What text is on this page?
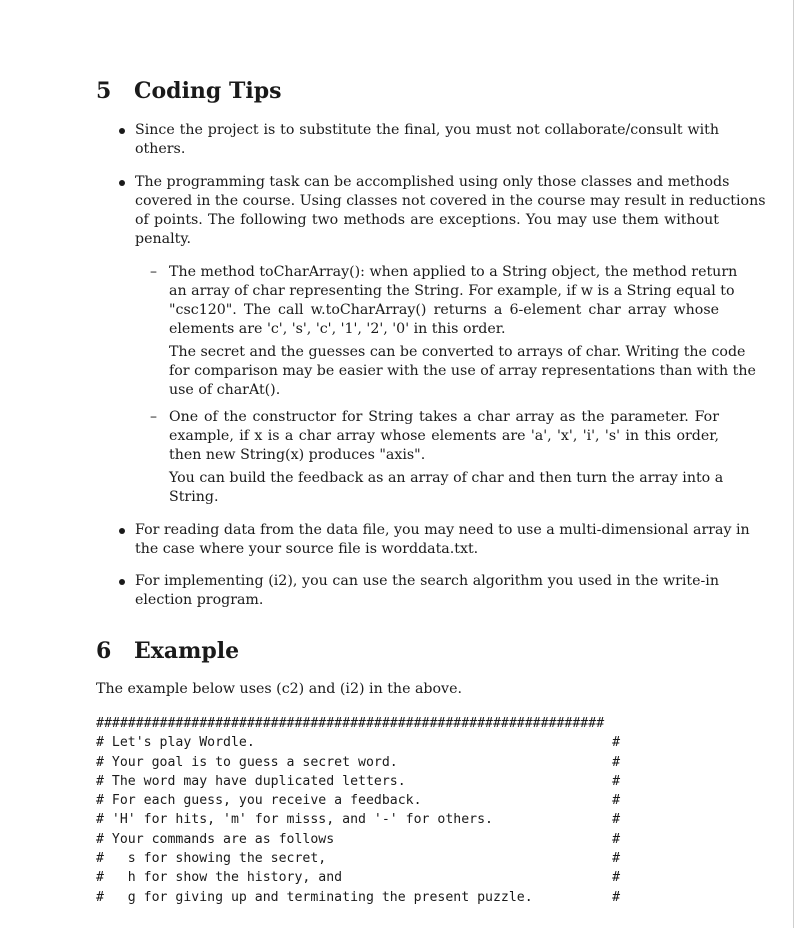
5 Coding Tips
Since the project is to substitute the final, you must not collaborate/consult with
others.
The programming task can be accomplished using only those classes and methods
covered in the course. Using classes not covered in the course may result in reductions
of points. The following two methods are exceptions. You may use them without
penalty.
– The method toCharArray(): when applied to a String object, the method return
an array of char representing the String. For example, if w is a String equal to
"csc120". The call w.toCharArray() returns a 6-element char array whose
elements are 'c', 's', 'c', '1', '2', '0' in this order.
The secret and the guesses can be converted to arrays of char. Writing the code
for comparison may be easier with the use of array representations than with the
use of charAt().
– One of the constructor for String takes a char array as the parameter. For
example, if x is a char array whose elements are 'a', 'x', 'i', 's' in this order,
then new String(x) produces "axis".
You can build the feedback as an array of char and then turn the array into a
String.
For reading data from the data file, you may need to use a multi-dimensional array in
the case where your source file is worddata.txt.
For implementing (i2), you can use the search algorithm you used in the write-in
election program.
6 Example
The example below uses (c2) and (i2) in the above.
################################################################
# Let's play Wordle.                                             #
# Your goal is to guess a secret word.                           #
# The word may have duplicated letters.                          #
# For each guess, you receive a feedback.                        #
# 'H' for hits, 'm' for misss, and '-' for others.               #
# Your commands are as follows                                   #
#   s for showing the secret,                                    #
#   h for show the history, and                                  #
#   g for giving up and terminating the present puzzle.          #
